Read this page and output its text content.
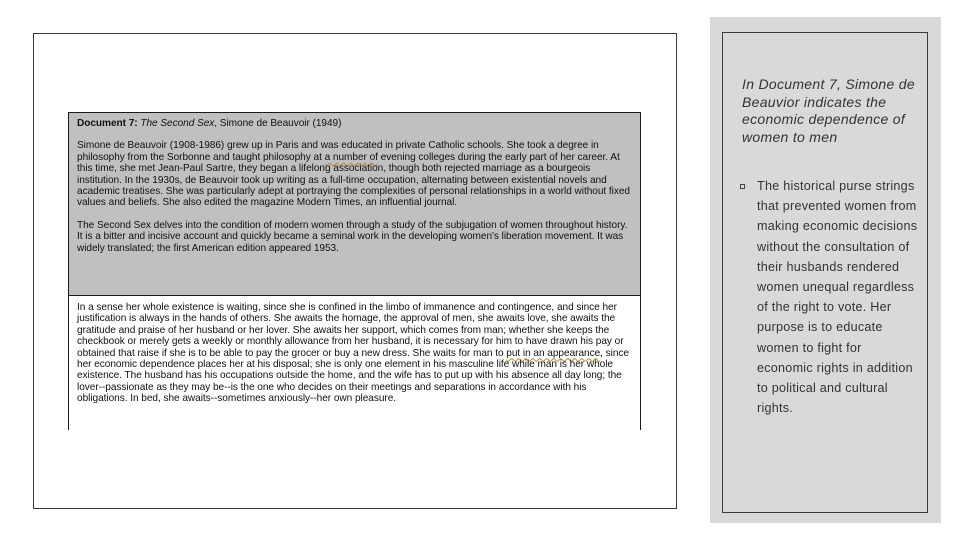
Document 7: The Second Sex, Simone de Beauvoir (1949)

Simone de Beauvoir (1908-1986) grew up in Paris and was educated in private Catholic schools. She took a degree in philosophy from the Sorbonne and taught philosophy at a number of evening colleges during the early part of her career. At this time, she met Jean-Paul Sartre, they began a lifelong association, though both rejected marriage as a bourgeois institution. In the 1930s, de Beauvoir took up writing as a full-time occupation, alternating between existential novels and academic treatises. She was particularly adept at portraying the complexities of personal relationships in a world without fixed values and beliefs. She also edited the magazine Modern Times, an influential journal.

The Second Sex delves into the condition of modern women through a study of the subjugation of women throughout history. It is a bitter and incisive account and quickly became a seminal work in the developing women's liberation movement. It was widely translated; the first American edition appeared 1953.

In a sense her whole existence is waiting, since she is confined in the limbo of immanence and contingence, and since her justification is always in the hands of others. She awaits the homage, the approval of men, she awaits love, she awaits the gratitude and praise of her husband or her lover. She awaits her support, which comes from man; whether she keeps the checkbook or merely gets a weekly or monthly allowance from her husband, it is necessary for him to have drawn his pay or obtained that raise if she is to be able to pay the grocer or buy a new dress. She waits for man to put in an appearance, since her economic dependence places her at his disposal; she is only one element in his masculine life while man is her whole existence. The husband has his occupations outside the home, and the wife has to put up with his absence all day long; the lover--passionate as they may be--is the one who decides on their meetings and separations in accordance with his obligations. In bed, she awaits--sometimes anxiously--her own pleasure.
In Document 7, Simone de Beauvior indicates the economic dependence of women to men
The historical purse strings that prevented women from making economic decisions without the consultation of their husbands rendered women unequal regardless of the right to vote. Her purpose is to educate women to fight for economic rights in addition to political and cultural rights.
